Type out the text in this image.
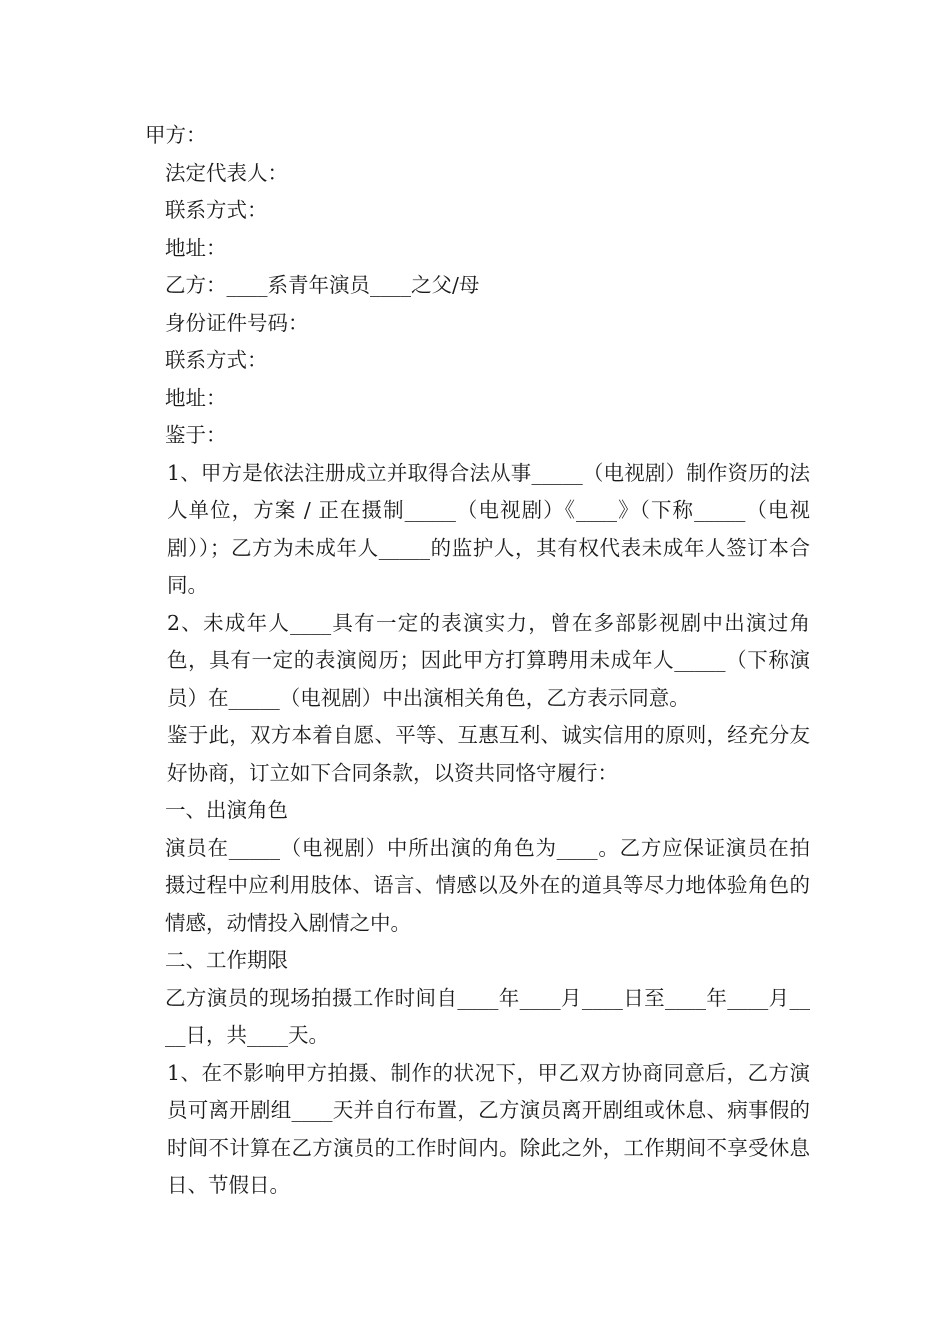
甲方：

法定代表人：

联系方式：

地址：

乙方：____系青年演员____之父/母

身份证件号码：

联系方式：

地址：

鉴于：

1、甲方是依法注册成立并取得合法从事_____（电视剧）制作资历的法人单位，方案 / 正在摄制_____（电视剧）《____》（下称_____（电视剧））；乙方为未成年人_____的监护人，其有权代表未成年人签订本合同。

2、未成年人____具有一定的表演实力，曾在多部影视剧中出演过角色，具有一定的表演阅历；因此甲方打算聘用未成年人_____（下称演员）在_____（电视剧）中出演相关角色，乙方表示同意。

鉴于此，双方本着自愿、平等、互惠互利、诚实信用的原则，经充分友好协商，订立如下合同条款，以资共同恪守履行：

一、出演角色

演员在_____（电视剧）中所出演的角色为____。乙方应保证演员在拍摄过程中应利用肢体、语言、情感以及外在的道具等尽力地体验角色的情感，动情投入剧情之中。

二、工作期限

乙方演员的现场拍摄工作时间自____年____月____日至____年____月____日，共____天。

1、在不影响甲方拍摄、制作的状况下，甲乙双方协商同意后，乙方演员可离开剧组____天并自行布置，乙方演员离开剧组或休息、病事假的时间不计算在乙方演员的工作时间内。除此之外，工作期间不享受休息日、节假日。
